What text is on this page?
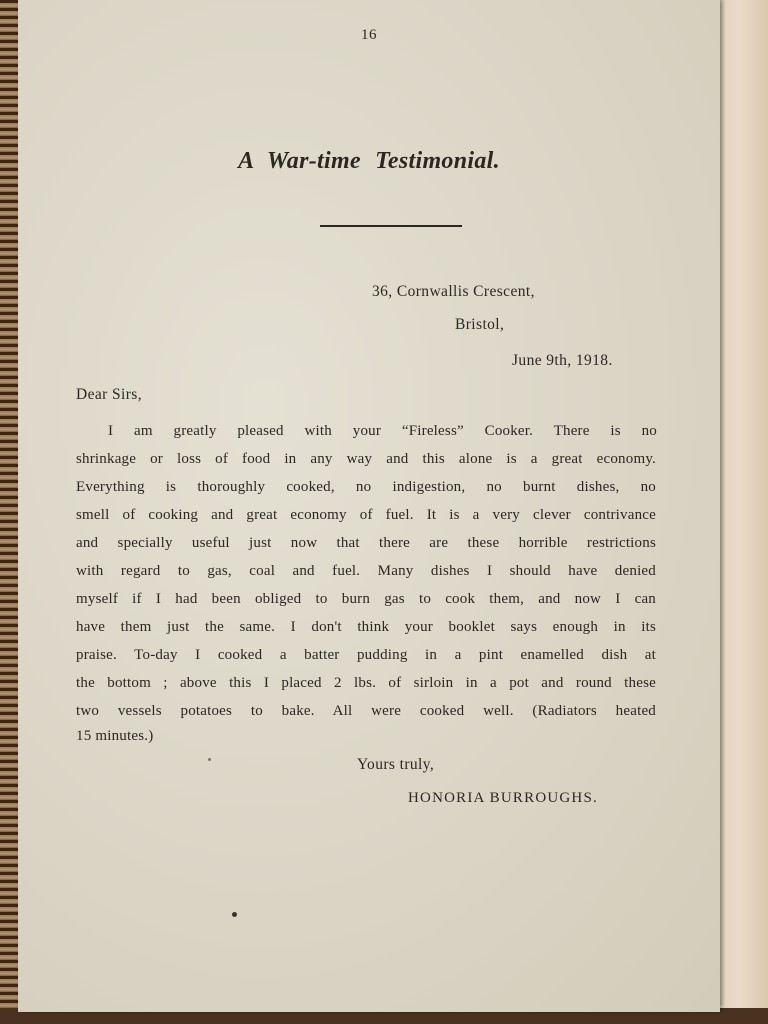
16
A War-time Testimonial.
36, Cornwallis Crescent,
Bristol,
June 9th, 1918.
Dear Sirs,
I am greatly pleased with your “Fireless” Cooker. There is no
shrinkage or loss of food in any way and this alone is a great economy.
Everything is thoroughly cooked, no indigestion, no burnt dishes, no
smell of cooking and great economy of fuel. It is a very clever contrivance
and specially useful just now that there are these horrible restrictions
with regard to gas, coal and fuel. Many dishes I should have denied
myself if I had been obliged to burn gas to cook them, and now I can
have them just the same. I don't think your booklet says enough in its
praise. To-day I cooked a batter pudding in a pint enamelled dish at
the bottom ; above this I placed 2 lbs. of sirloin in a pot and round these
two vessels potatoes to bake. All were cooked well. (Radiators heated
15 minutes.)
Yours truly,
HONORIA BURROUGHS.
